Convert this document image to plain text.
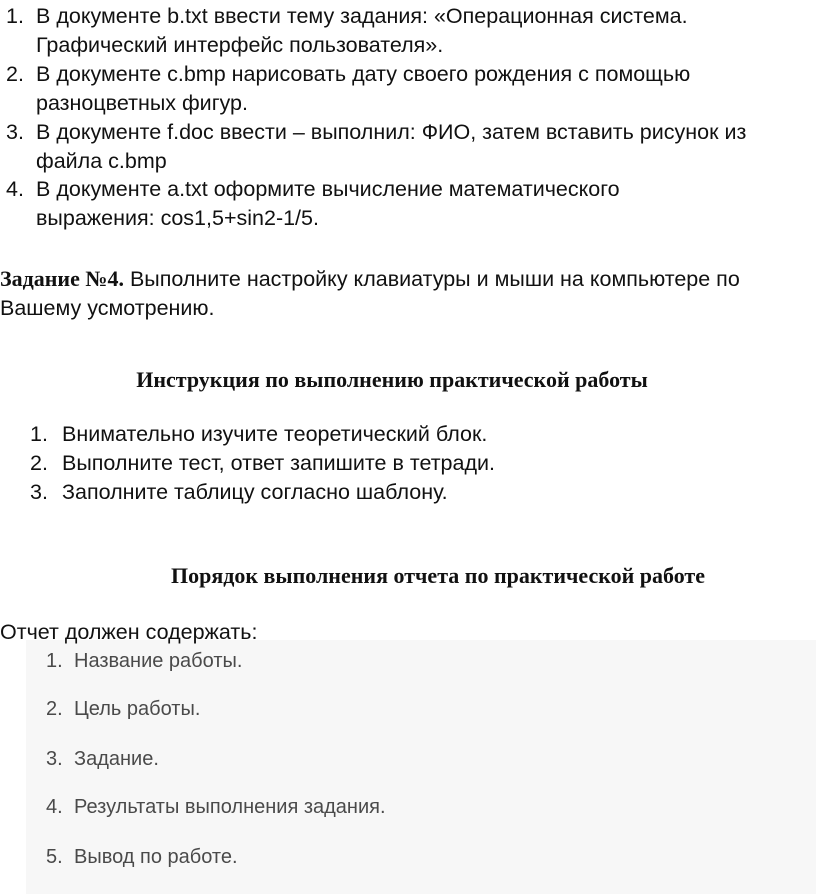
1. В документе b.txt ввести тему задания: «Операционная система. Графический интерфейс пользователя».
2. В документе c.bmp нарисовать дату своего рождения с помощью разноцветных фигур.
3. В документе f.doc ввести – выполнил: ФИО, затем вставить рисунок из файла c.bmp
4. В документе a.txt оформите вычисление математического выражения: cos1,5+sin2-1/5.
Задание №4. Выполните настройку клавиатуры и мыши на компьютере по Вашему усмотрению.
Инструкция по выполнению практической работы
1. Внимательно изучите теоретический блок.
2. Выполните тест, ответ запишите в тетради.
3. Заполните таблицу согласно шаблону.
Порядок выполнения отчета по практической работе
1. Название работы.
2. Цель работы.
3. Задание.
4. Результаты выполнения задания.
5. Вывод по работе.
Отчет должен содержать:
